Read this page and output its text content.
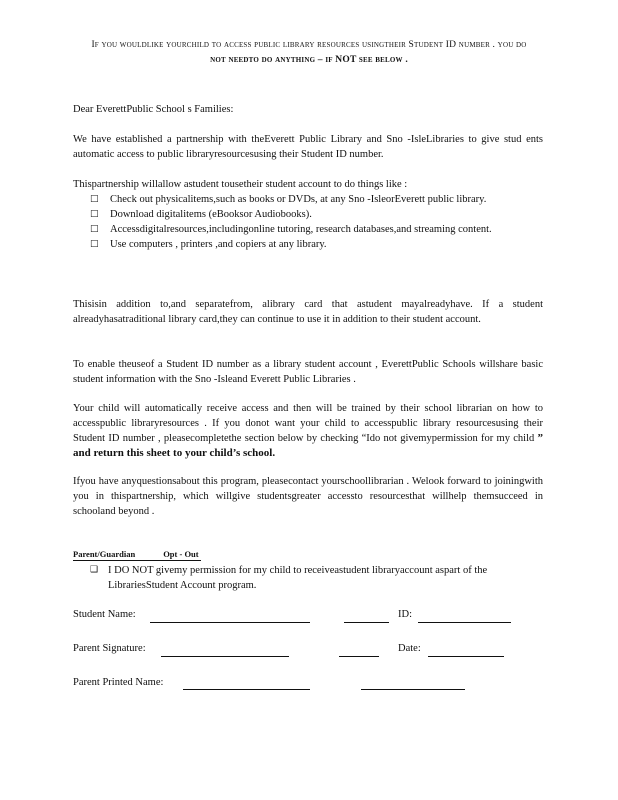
If you wouldlike yourchild to access public library resources usingtheir Student ID number . you do
not needto do anything – if NOT see below .
Dear EverettPublic School s Families:
We have established a partnership with theEverett Public Library and Sno -IsleLibraries to give stud ents automatic access to public libraryresourcesusing their Student ID number.
Thispartnership willallow astudent tousetheir student account to do things like :
□ Check out physicalitems,such as books or DVDs, at any Sno -IsleorEverett public library.
□ Download digitalitems (eBooksor Audiobooks).
□ Accessdigitalresources,includingonline tutoring, research databases,and streaming content.
□ Use computers , printers ,and copiers at any library.
Thisisin addition to,and separatefrom, alibrary card that astudent mayalreadyhave. If a student alreadyhasatraditional library card,they can continue to use it in addition to their student account.
To enable theuseof a Student ID number as a library student account , EverettPublic Schools willshare basic student information with the Sno -Isleand Everett Public Libraries .
Your child will automatically receive access and then will be trained by their school librarian on how to accesspublic libraryresources . If you donot want your child to accesspublic library resourcesusing their Student ID number , pleasecompletethe section below by checking “Ido not givemypermission for my child ” and return this sheet to your child’s school.
Ifyou have anyquestionsabout this program, pleasecontact yourschoollibrarian . Welook forward to joiningwith you in thispartnership, which willgive studentsgreater accessto resourcesthat willhelp themsucceed in schooland beyond .
Parent/Guardian	Opt - Out
❑ I DO NOT givemy permission for my child to receiveastudent libraryaccount aspart of the LibrariesStudent Account program.
Student Name:	ID:
Parent Signature:	Date:
Parent Printed Name:
